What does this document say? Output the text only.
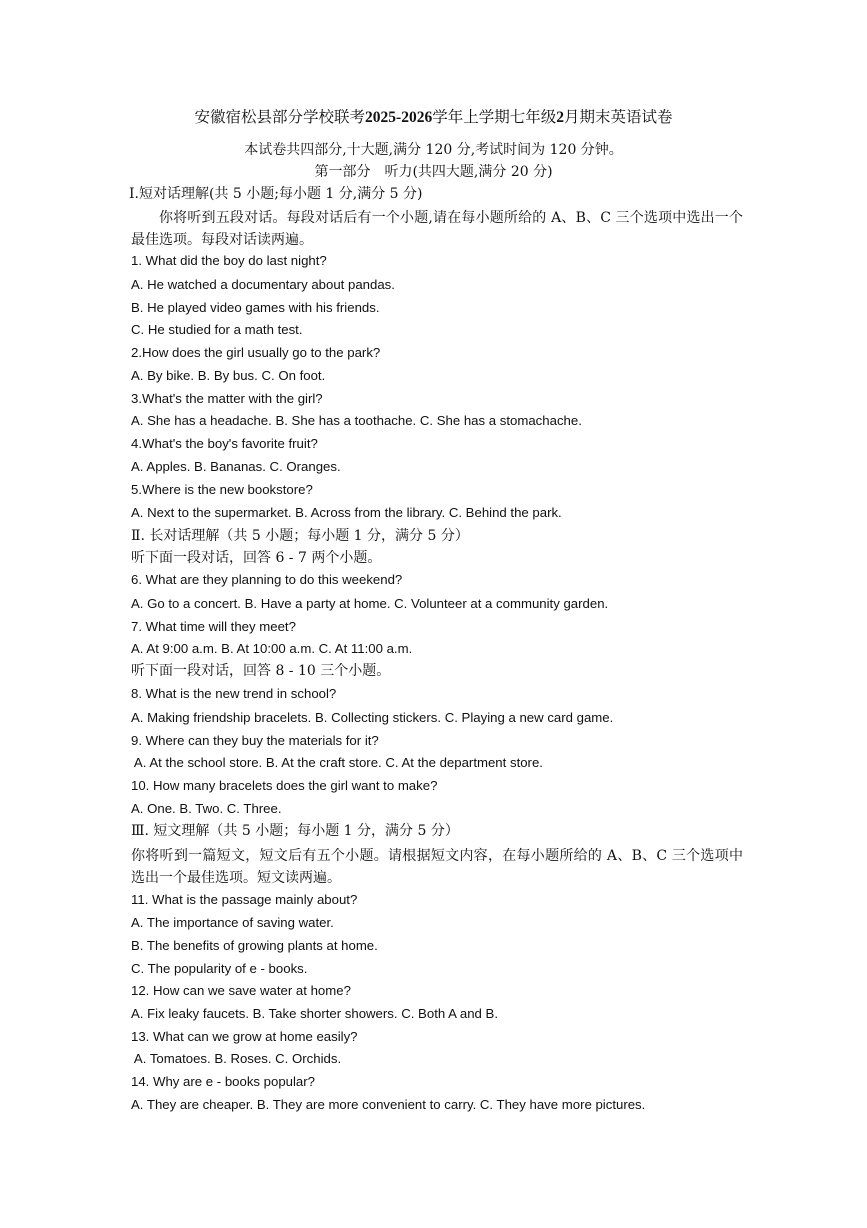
安徽宿松县部分学校联考2025-2026学年上学期七年级2月期末英语试卷
本试卷共四部分,十大题,满分 120 分,考试时间为 120 分钟。
第一部分　听力(共四大题,满分 20 分)
Ⅰ.短对话理解(共 5 小题;每小题 1 分,满分 5 分)
你将听到五段对话。每段对话后有一个小题,请在每小题所给的 A、B、C 三个选项中选出一个最佳选项。每段对话读两遍。
1. What did the boy do last night?
A. He watched a documentary about pandas.
B. He played video games with his friends.
C. He studied for a math test.
2.How does the girl usually go to the park?
A. By bike. B. By bus. C. On foot.
3.What's the matter with the girl?
A. She has a headache. B. She has a toothache. C. She has a stomachache.
4.What's the boy's favorite fruit?
A. Apples. B. Bananas. C. Oranges.
5.Where is the new bookstore?
A. Next to the supermarket. B. Across from the library. C. Behind the park.
Ⅱ. 长对话理解（共 5 小题；每小题 1 分，满分 5 分）
听下面一段对话，回答 6 - 7 两个小题。
6. What are they planning to do this weekend?
A. Go to a concert. B. Have a party at home. C. Volunteer at a community garden.
7. What time will they meet?
A. At 9:00 a.m. B. At 10:00 a.m. C. At 11:00 a.m.
听下面一段对话，回答 8 - 10 三个小题。
8. What is the new trend in school?
A. Making friendship bracelets. B. Collecting stickers. C. Playing a new card game.
9. Where can they buy the materials for it?
A. At the school store. B. At the craft store. C. At the department store.
10. How many bracelets does the girl want to make?
A. One. B. Two. C. Three.
Ⅲ. 短文理解（共 5 小题；每小题 1 分，满分 5 分）
你将听到一篇短文，短文后有五个小题。请根据短文内容，在每小题所给的 A、B、C 三个选项中选出一个最佳选项。短文读两遍。
11. What is the passage mainly about?
A. The importance of saving water.
B. The benefits of growing plants at home.
C. The popularity of e - books.
12. How can we save water at home?
A. Fix leaky faucets. B. Take shorter showers. C. Both A and B.
13. What can we grow at home easily?
A. Tomatoes. B. Roses. C. Orchids.
14. Why are e - books popular?
A. They are cheaper. B. They are more convenient to carry. C. They have more pictures.
